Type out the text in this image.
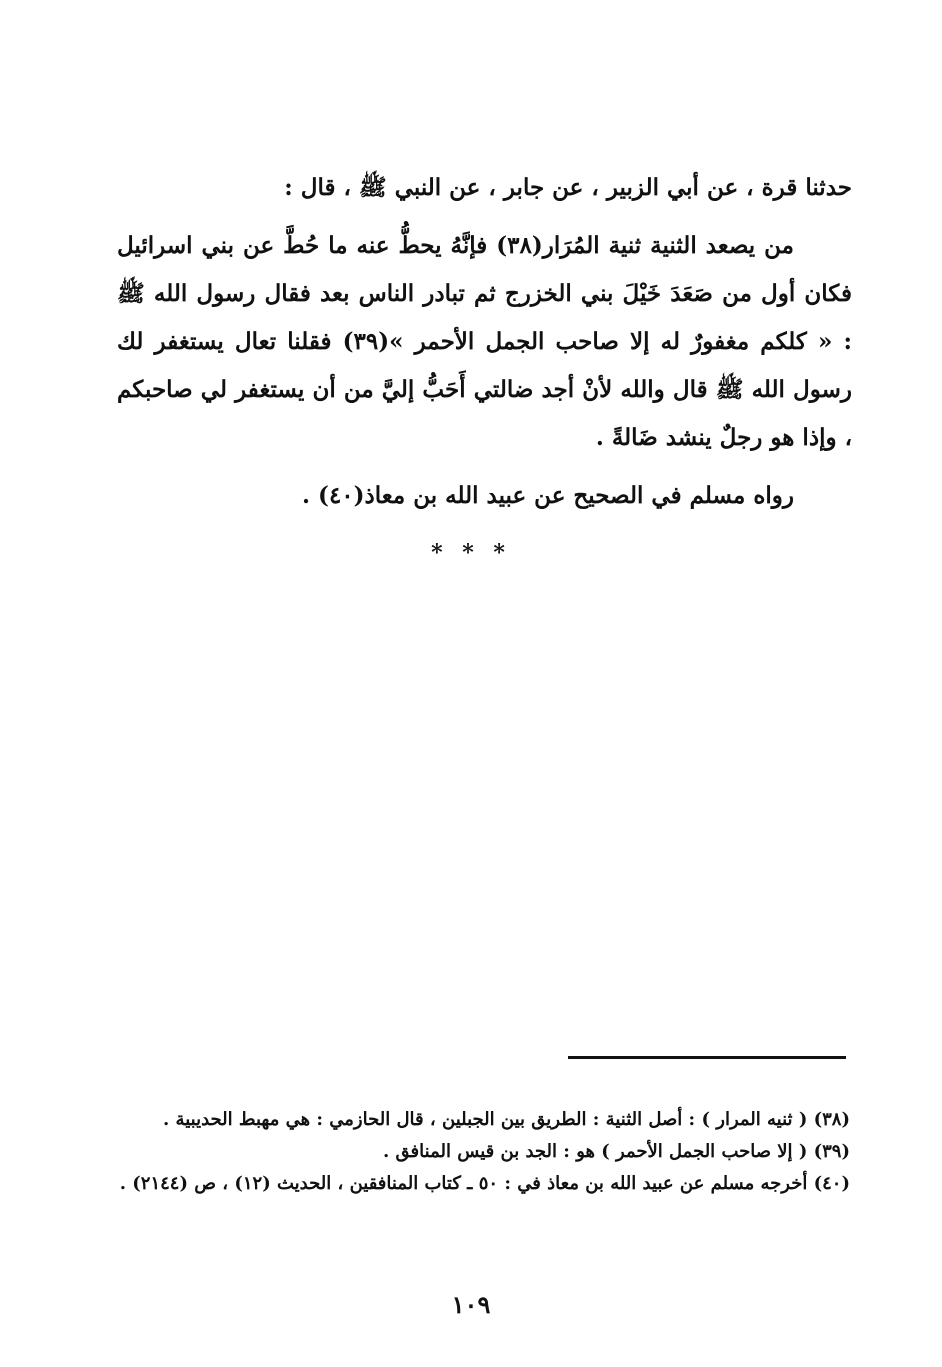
حدثنا قرة ، عن أبي الزبير ، عن جابر ، عن النبي ﷺ ، قال :

من يصعد الثنية ثنية المُرَار(٣٨) فإنَّهُ يحطُّ عنه ما حُطَّ عن بني اسرائيل فكان أول من صَعَدَ خَيْلَ بني الخزرج ثم تبادر الناس بعد فقال رسول الله ﷺ : « كلكم مغفورٌ له إلا صاحب الجمل الأحمر »(٣٩) فقلنا تعال يستغفر لك رسول الله ﷺ قال والله لأنْ أجد ضالتي أَحَبُّ إليَّ من أن يستغفر لي صاحبكم ، وإذا هو رجلٌ ينشد ضَالةً .

رواه مسلم في الصحيح عن عبيد الله بن معاذ(٤٠) .

* * *

(٣٨) ( ثنيه المرار ) : أصل الثنية : الطريق بين الجبلين ، قال الحازمي : هي مهبط الحديبية .

(٣٩) ( إلا صاحب الجمل الأحمر ) هو : الجد بن قيس المنافق .

(٤٠) أخرجه مسلم عن عبيد الله بن معاذ في : ٥٠ ـ كتاب المنافقين ، الحديث (١٢) ، ص (٢١٤٤) .

١٠٩
